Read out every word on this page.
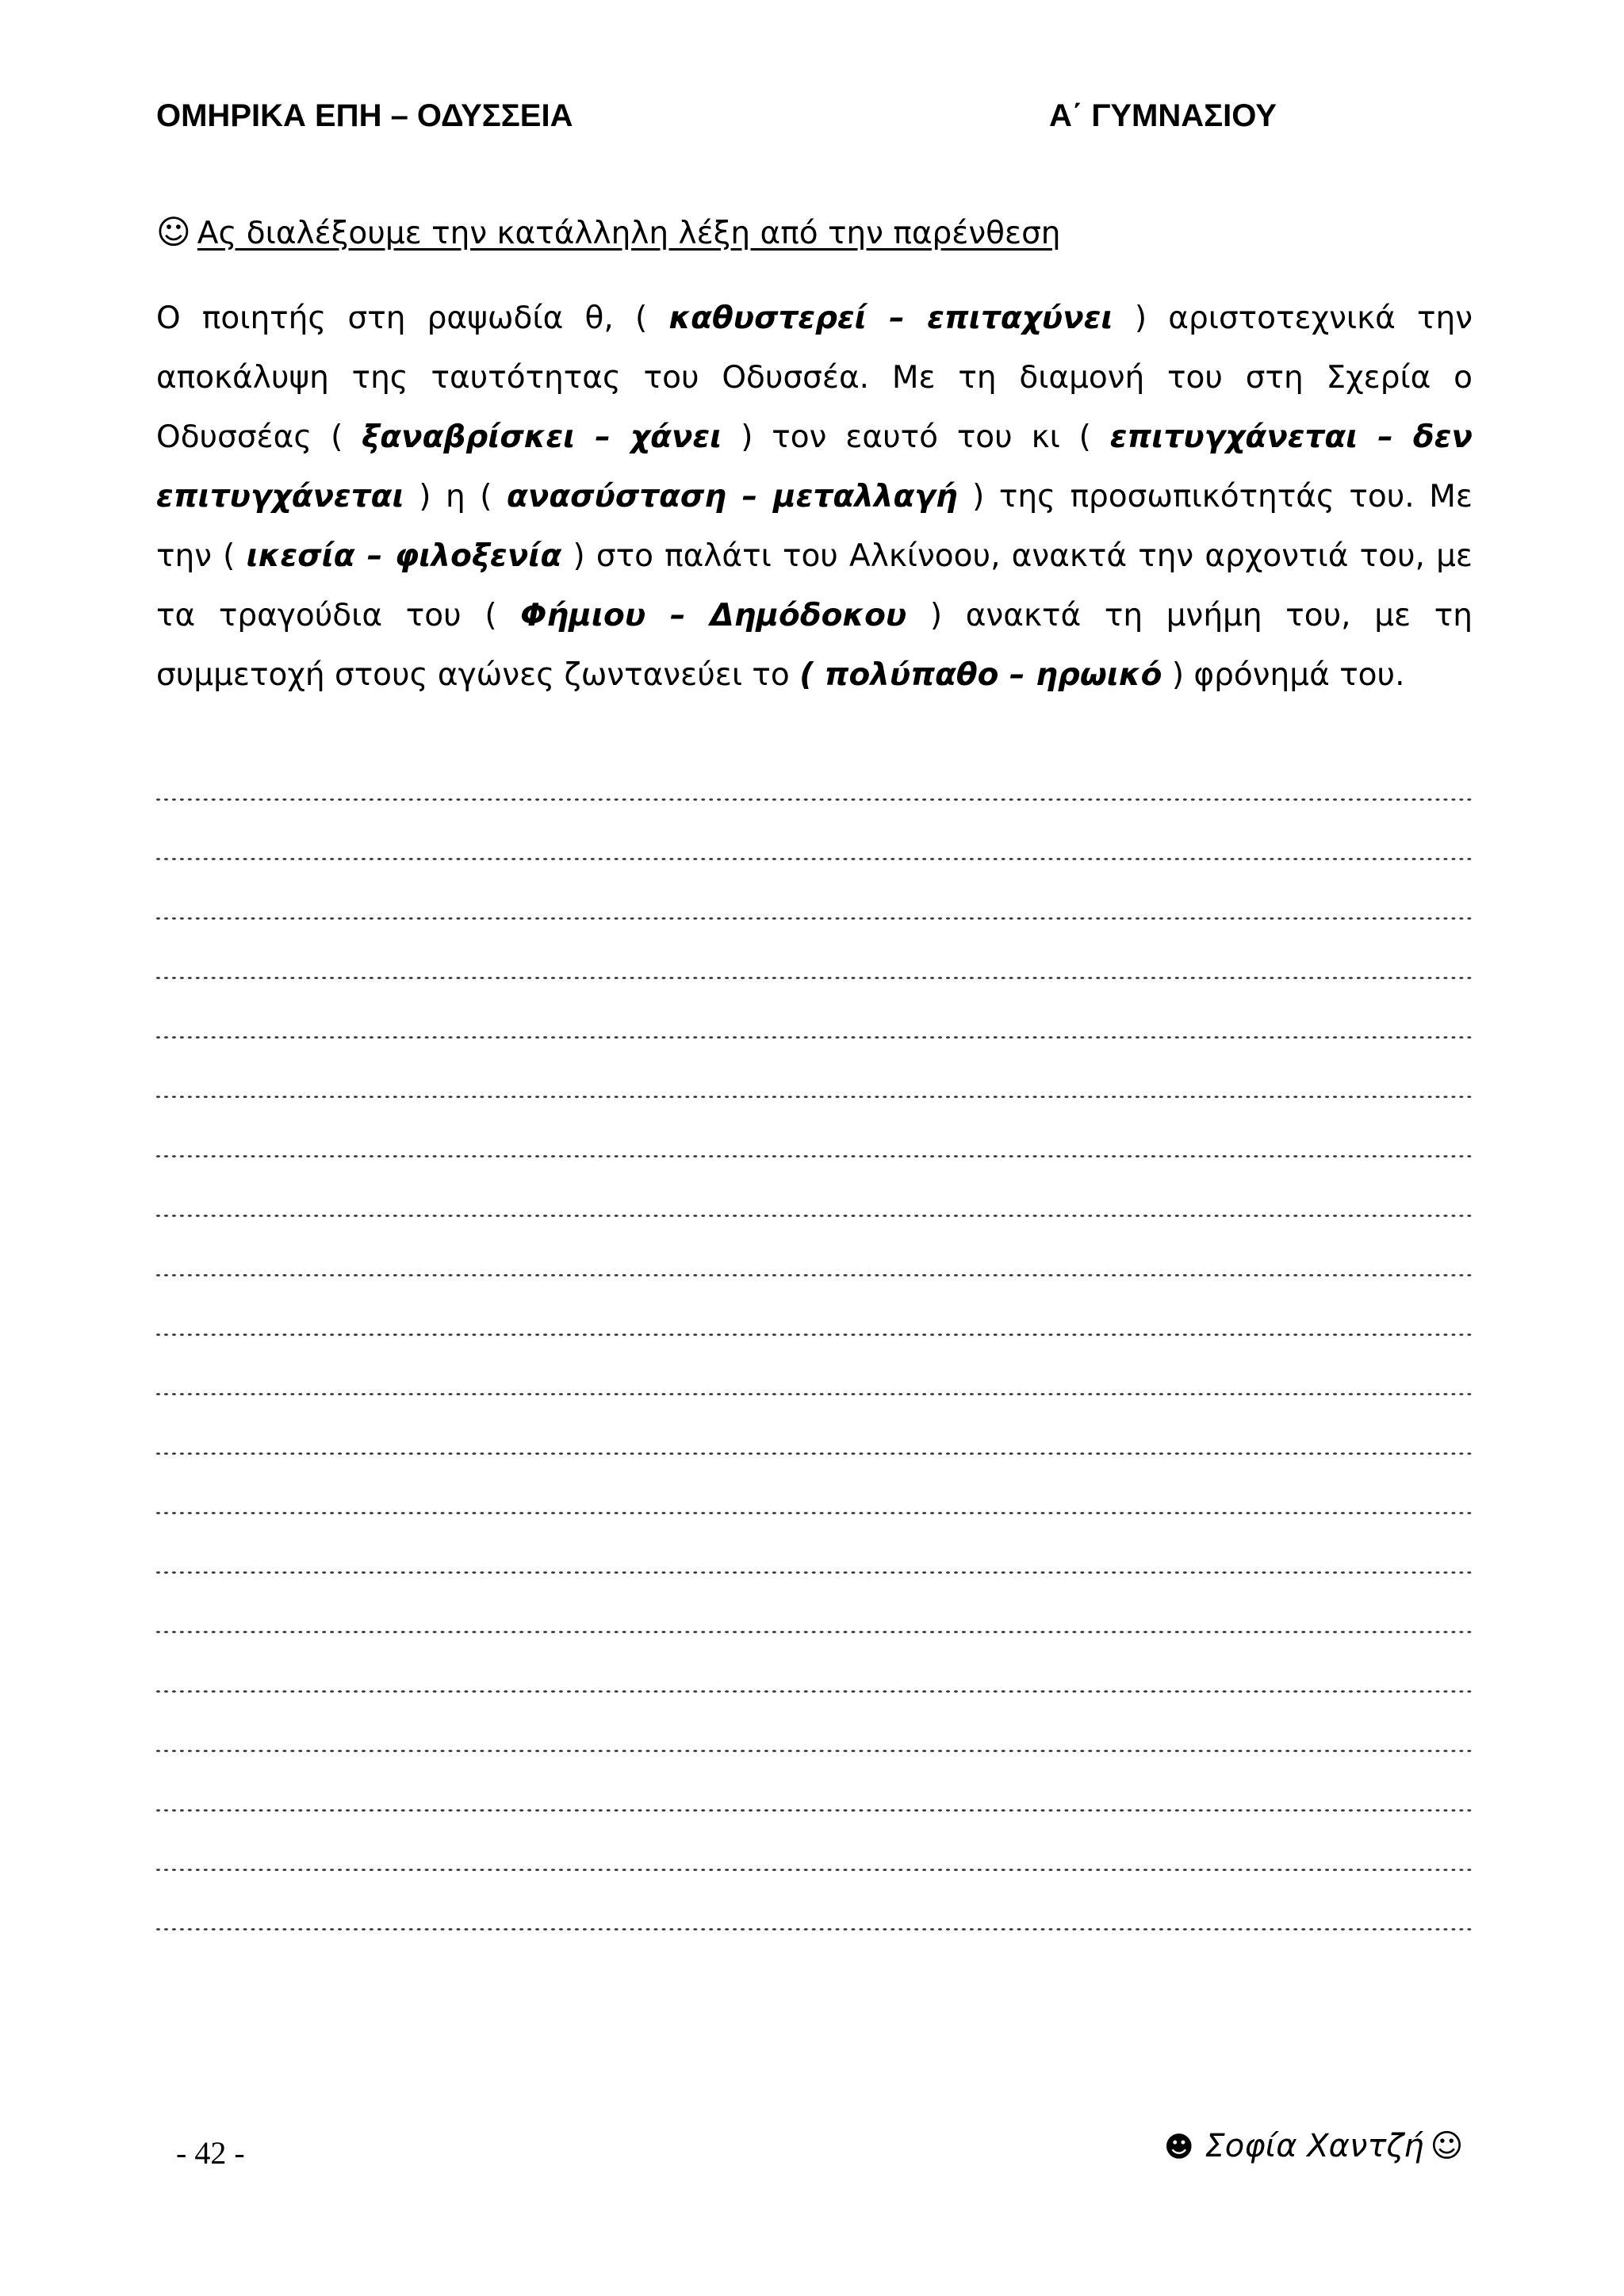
ΟΜΗΡΙΚΑ ΕΠΗ – ΟΔΥΣΣΕΙΑ	Α΄ ΓΥΜΝΑΣΙΟΥ
☺ Ας διαλέξουμε την κατάλληλη λέξη από την παρένθεση
Ο ποιητής στη ραψωδία θ, ( καθυστερεί – επιταχύνει ) αριστοτεχνικά την αποκάλυψη της ταυτότητας του Οδυσσέα. Με τη διαμονή του στη Σχερία ο Οδυσσέας ( ξαναβρίσκει – χάνει ) τον εαυτό του κι ( επιτυγχάνεται – δεν επιτυγχάνεται ) η ( ανασύσταση – μεταλλαγή ) της προσωπικότητάς του. Με την ( ικεσία – φιλοξενία ) στο παλάτι του Αλκίνοου, ανακτά την αρχοντιά του, με τα τραγούδια του ( Φήμιου – Δημόδοκου ) ανακτά τη μνήμη του, με τη συμμετοχή στους αγώνες ζωντανεύει το ( πολύπαθο – ηρωικό ) φρόνημά του.
- 42 -	☻ Σοφία Χαντζή ☺
